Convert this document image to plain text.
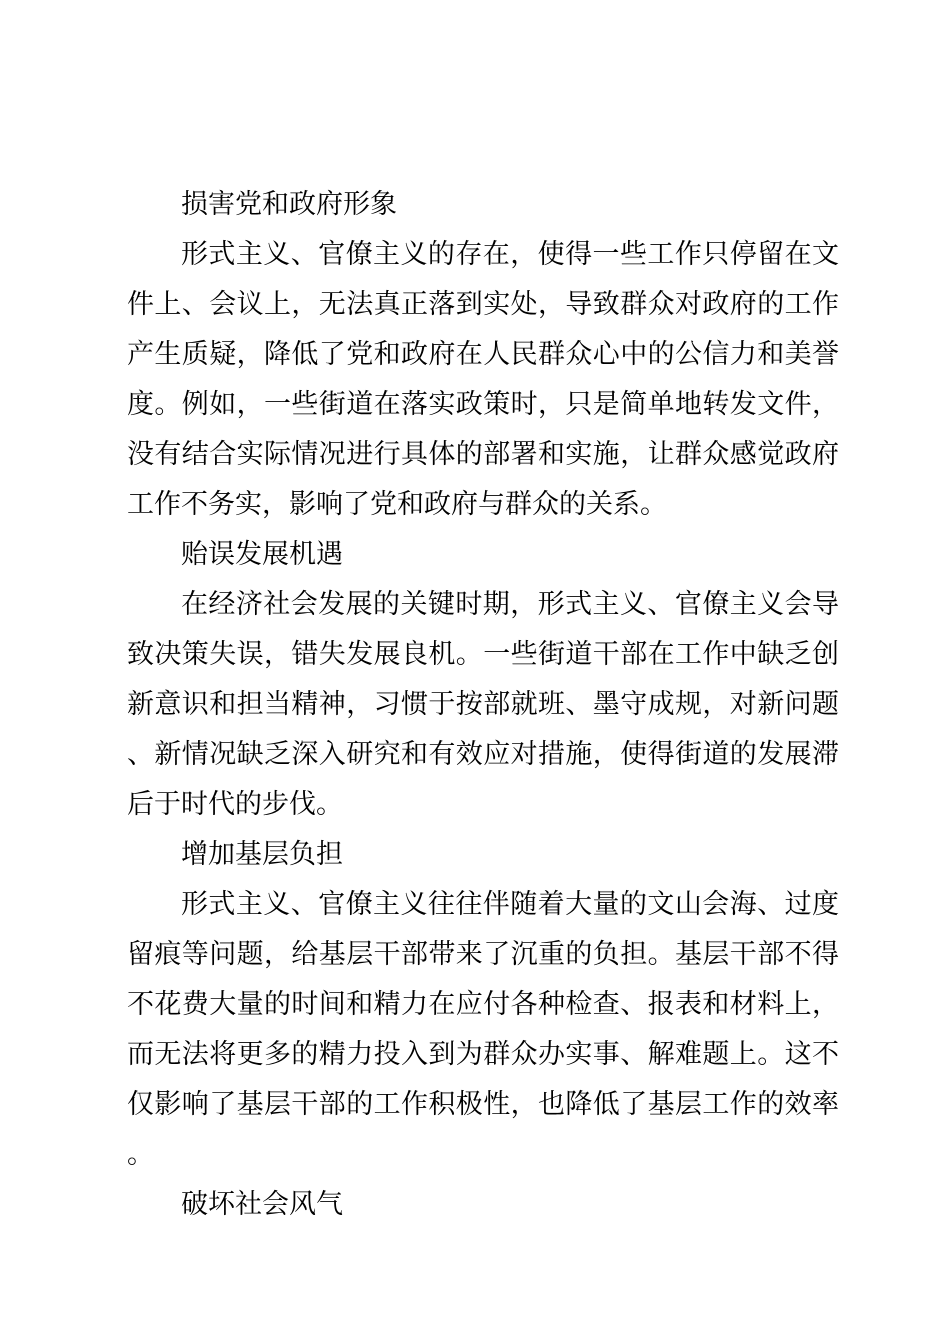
损害党和政府形象

形式主义、官僚主义的存在，使得一些工作只停留在文件上、会议上，无法真正落到实处，导致群众对政府的工作产生质疑，降低了党和政府在人民群众心中的公信力和美誉度。例如，一些街道在落实政策时，只是简单地转发文件，没有结合实际情况进行具体的部署和实施，让群众感觉政府工作不务实，影响了党和政府与群众的关系。

贻误发展机遇

在经济社会发展的关键时期，形式主义、官僚主义会导致决策失误，错失发展良机。一些街道干部在工作中缺乏创新意识和担当精神，习惯于按部就班、墨守成规，对新问题、新情况缺乏深入研究和有效应对措施，使得街道的发展滞后于时代的步伐。

增加基层负担

形式主义、官僚主义往往伴随着大量的文山会海、过度留痕等问题，给基层干部带来了沉重的负担。基层干部不得不花费大量的时间和精力在应付各种检查、报表和材料上，而无法将更多的精力投入到为群众办实事、解难题上。这不仅影响了基层干部的工作积极性，也降低了基层工作的效率。

破坏社会风气
